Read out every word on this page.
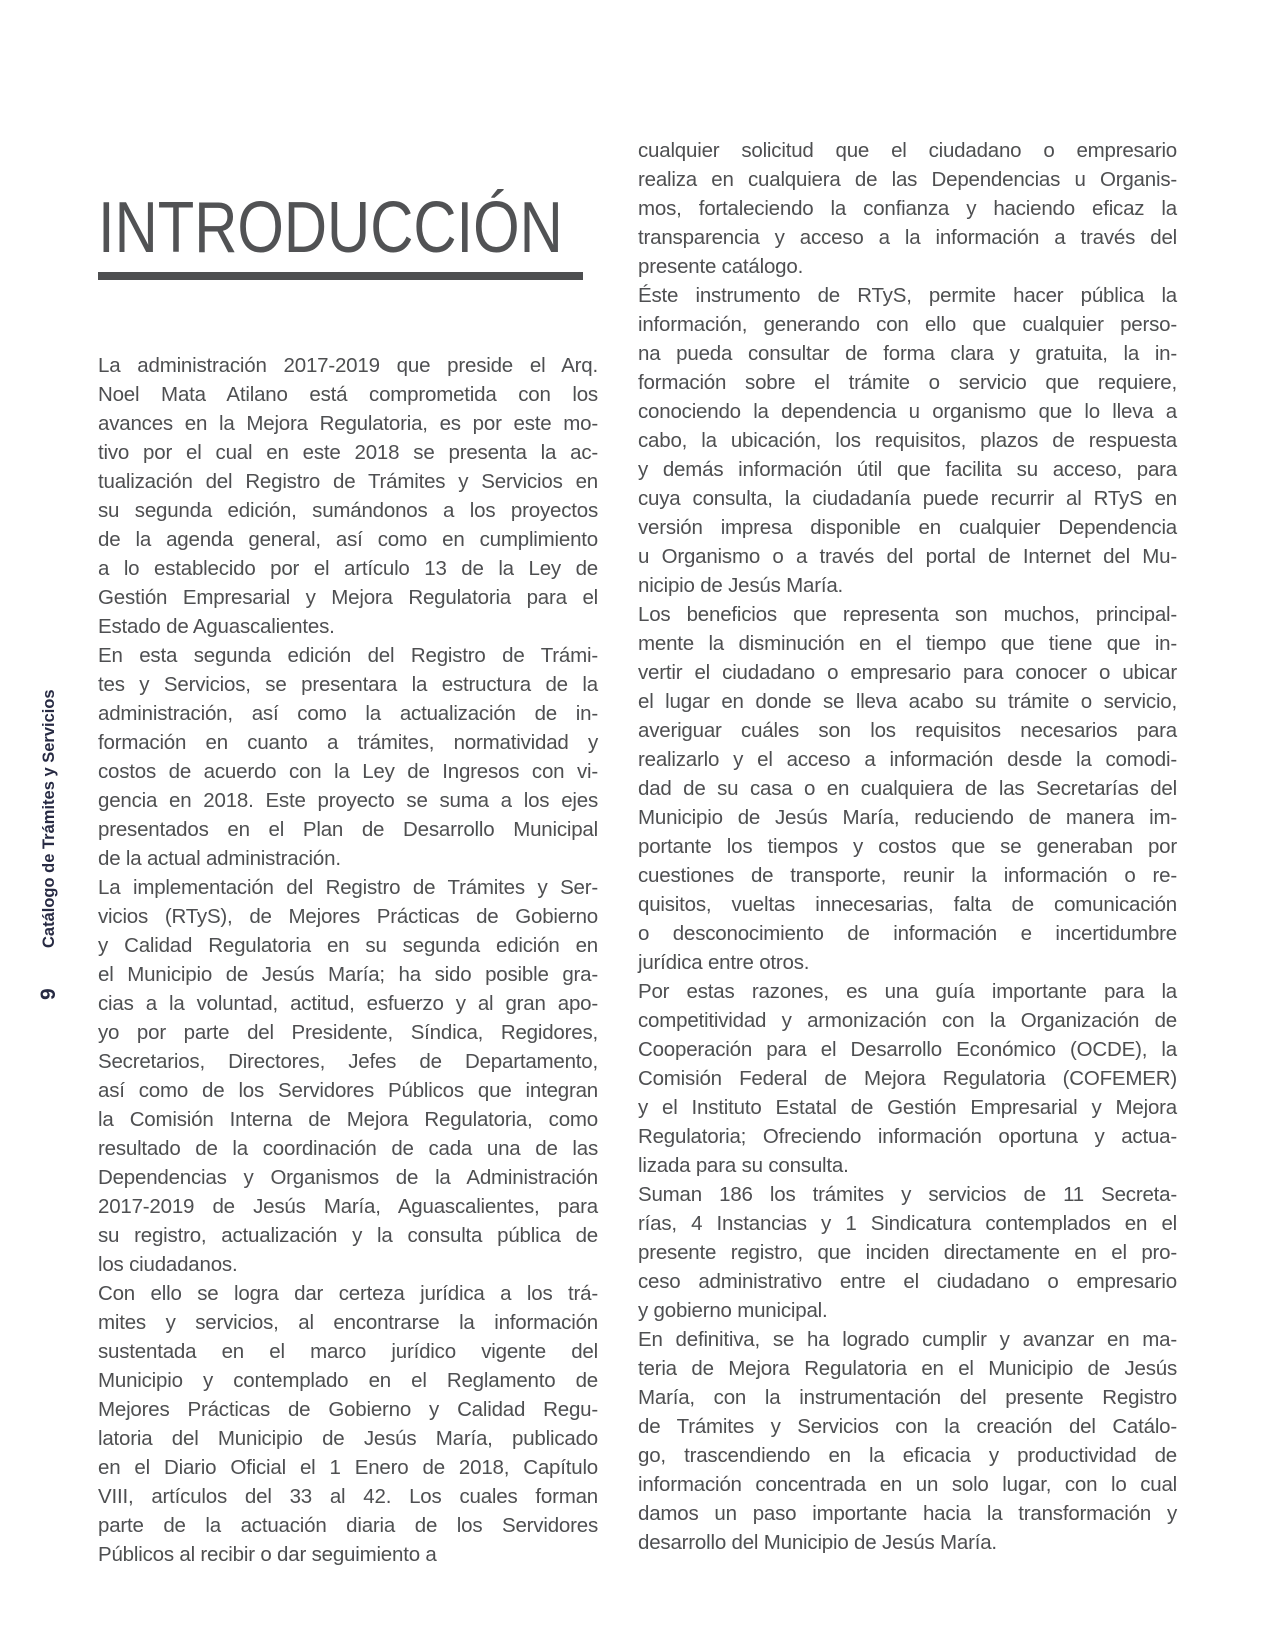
INTRODUCCIÓN
La administración 2017-2019 que preside el Arq.
Noel Mata Atilano está comprometida con los
avances en la Mejora Regulatoria, es por este mo-
tivo por el cual en este 2018 se presenta la ac-
tualización del Registro de Trámites y Servicios en
su segunda edición, sumándonos a los proyectos
de la agenda general, así como en cumplimiento
a lo establecido por el artículo 13 de la Ley de
Gestión Empresarial y Mejora Regulatoria para el
Estado de Aguascalientes.
En esta segunda edición del Registro de Trámi-
tes y Servicios, se presentara la estructura de la
administración, así como la actualización de in-
formación en cuanto a trámites, normatividad y
costos de acuerdo con la Ley de Ingresos con vi-
gencia en 2018. Este proyecto se suma a los ejes
presentados en el Plan de Desarrollo Municipal
de la actual administración.
La implementación del Registro de Trámites y Ser-
vicios (RTyS), de Mejores Prácticas de Gobierno
y Calidad Regulatoria en su segunda edición en
el Municipio de Jesús María; ha sido posible gra-
cias a la voluntad, actitud, esfuerzo y al gran apo-
yo por parte del Presidente, Síndica, Regidores,
Secretarios, Directores, Jefes de Departamento,
así como de los Servidores Públicos que integran
la Comisión Interna de Mejora Regulatoria, como
resultado de la coordinación de cada una de las
Dependencias y Organismos de la Administración
2017-2019 de Jesús María, Aguascalientes, para
su registro, actualización y la consulta pública de
los ciudadanos.
Con ello se logra dar certeza jurídica a los trá-
mites y servicios, al encontrarse la información
sustentada en el marco jurídico vigente del
Municipio y contemplado en el Reglamento de
Mejores Prácticas de Gobierno y Calidad Regu-
latoria del Municipio de Jesús María, publicado
en el Diario Oficial el 1 Enero de 2018, Capítulo
VIII, artículos del 33 al 42. Los cuales forman
parte de la actuación diaria de los Servidores
Públicos al recibir o dar seguimiento a
cualquier solicitud que el ciudadano o empresario
realiza en cualquiera de las Dependencias u Organis-
mos, fortaleciendo la confianza y haciendo eficaz la
transparencia y acceso a la información a través del
presente catálogo.
Éste instrumento de RTyS, permite hacer pública la
información, generando con ello que cualquier perso-
na pueda consultar de forma clara y gratuita, la in-
formación sobre el trámite o servicio que requiere,
conociendo la dependencia u organismo que lo lleva a
cabo, la ubicación, los requisitos, plazos de respuesta
y demás información útil que facilita su acceso, para
cuya consulta, la ciudadanía puede recurrir al RTyS en
versión impresa disponible en cualquier Dependencia
u Organismo o a través del portal de Internet del Mu-
nicipio de Jesús María.
Los beneficios que representa son muchos, principal-
mente la disminución en el tiempo que tiene que in-
vertir el ciudadano o empresario para conocer o ubicar
el lugar en donde se lleva acabo su trámite o servicio,
averiguar cuáles son los requisitos necesarios para
realizarlo y el acceso a información desde la comodi-
dad de su casa o en cualquiera de las Secretarías del
Municipio de Jesús María, reduciendo de manera im-
portante los tiempos y costos que se generaban por
cuestiones de transporte, reunir la información o re-
quisitos, vueltas innecesarias, falta de comunicación
o desconocimiento de información e incertidumbre
jurídica entre otros.
Por estas razones, es una guía importante para la
competitividad y armonización con la Organización de
Cooperación para el Desarrollo Económico (OCDE), la
Comisión Federal de Mejora Regulatoria (COFEMER)
y el Instituto Estatal de Gestión Empresarial y Mejora
Regulatoria; Ofreciendo información oportuna y actua-
lizada para su consulta.
Suman 186 los trámites y servicios de 11 Secreta-
rías, 4 Instancias y 1 Sindicatura contemplados en el
presente registro, que inciden directamente en el pro-
ceso administrativo entre el ciudadano o empresario
y gobierno municipal.
En definitiva, se ha logrado cumplir y avanzar en ma-
teria de Mejora Regulatoria en el Municipio de Jesús
María, con la instrumentación del presente Registro
de Trámites y Servicios con la creación del Catálo-
go, trascendiendo en la eficacia y productividad de
información concentrada en un solo lugar, con lo cual
damos un paso importante hacia la transformación y
desarrollo del Municipio de Jesús María.
Catálogo de Trámites y Servicios
9
